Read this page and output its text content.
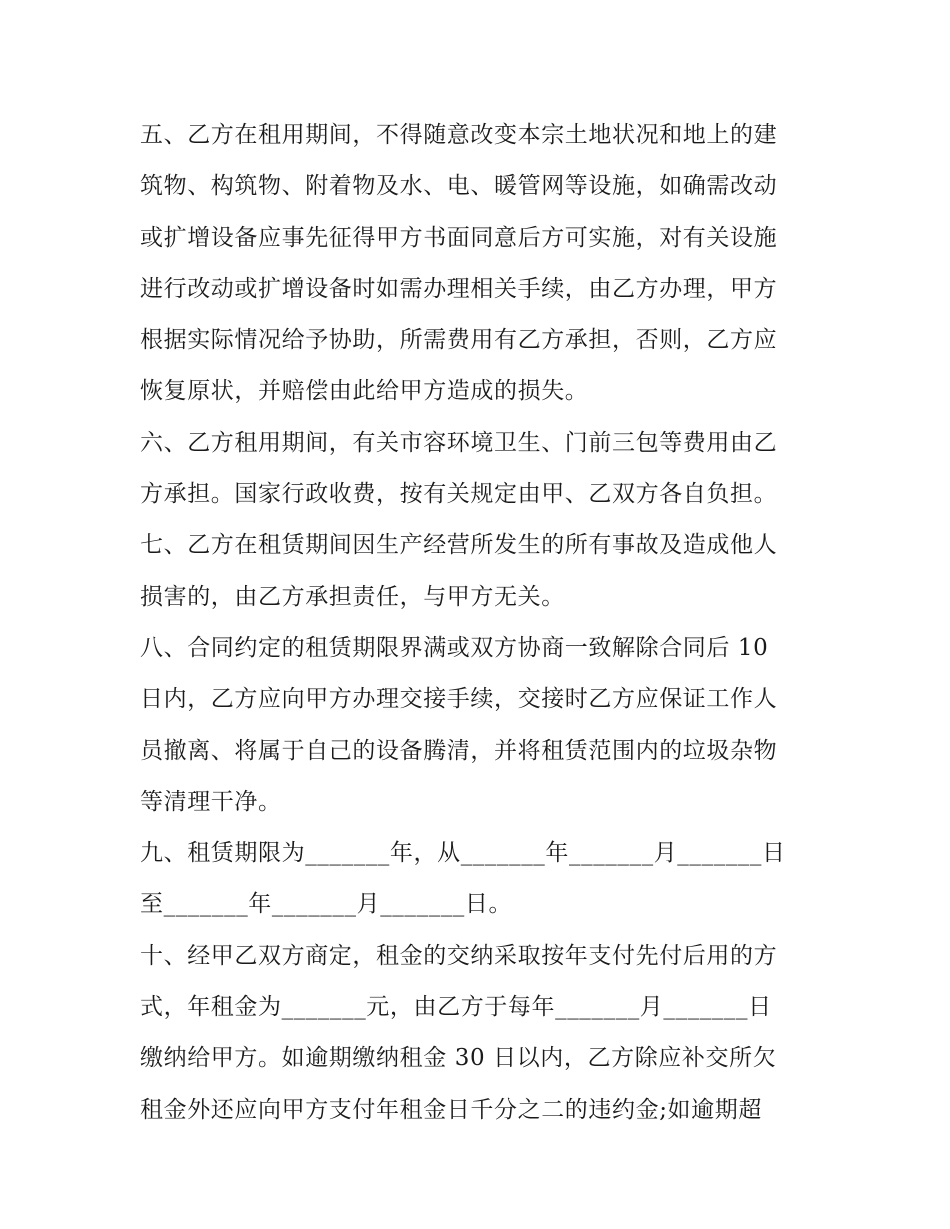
五、乙方在租用期间，不得随意改变本宗土地状况和地上的建
筑物、构筑物、附着物及水、电、暖管网等设施，如确需改动
或扩增设备应事先征得甲方书面同意后方可实施，对有关设施
进行改动或扩增设备时如需办理相关手续，由乙方办理，甲方
根据实际情况给予协助，所需费用有乙方承担，否则，乙方应
恢复原状，并赔偿由此给甲方造成的损失。
六、乙方租用期间，有关市容环境卫生、门前三包等费用由乙
方承担。国家行政收费，按有关规定由甲、乙双方各自负担。
七、乙方在租赁期间因生产经营所发生的所有事故及造成他人
损害的，由乙方承担责任，与甲方无关。
八、合同约定的租赁期限界满或双方协商一致解除合同后 10
日内，乙方应向甲方办理交接手续，交接时乙方应保证工作人
员撤离、将属于自己的设备腾清，并将租赁范围内的垃圾杂物
等清理干净。
九、租赁期限为_______年，从_______年_______月_______日
至_______年_______月_______日。
十、经甲乙双方商定，租金的交纳采取按年支付先付后用的方
式，年租金为_______元，由乙方于每年_______月_______日
缴纳给甲方。如逾期缴纳租金 30 日以内，乙方除应补交所欠
租金外还应向甲方支付年租金日千分之二的违约金;如逾期超
